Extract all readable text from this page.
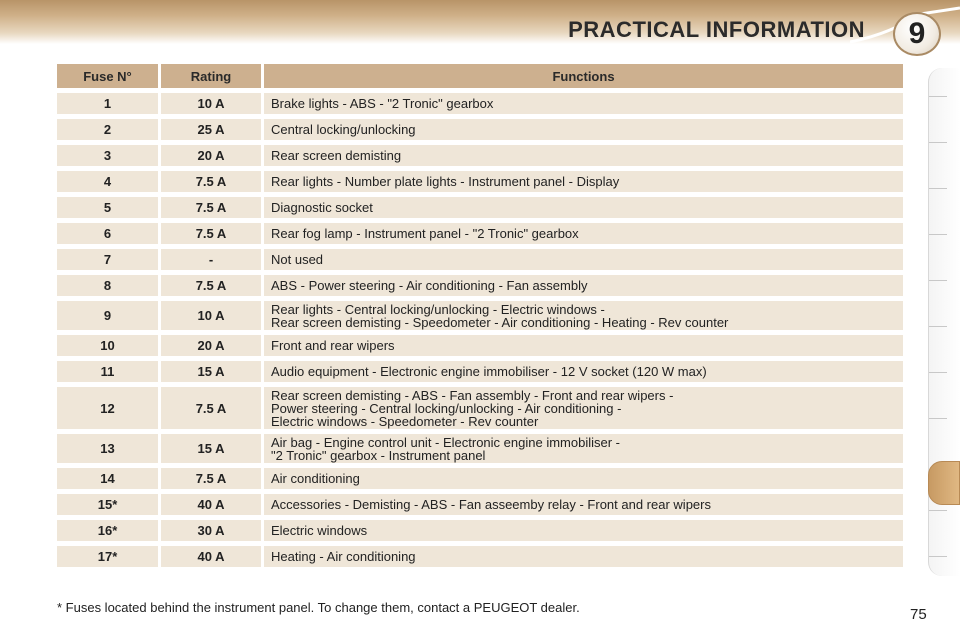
PRACTICAL INFORMATION	9
Fuse N°	Rating	Functions
1	10 A	Brake lights - ABS - "2 Tronic" gearbox

2	25 A	Central locking/unlocking

3	20 A	Rear screen demisting

4	7.5 A	Rear lights - Number plate lights - Instrument panel - Display

5	7.5 A	Diagnostic socket

6	7.5 A	Rear fog lamp - Instrument panel - "2 Tronic" gearbox

7	-	Not used

8	7.5 A	ABS - Power steering - Air conditioning - Fan assembly

9	10 A	Rear lights - Central locking/unlocking - Electric windows -
Rear screen demisting - Speedometer - Air conditioning - Heating - Rev counter

10	20 A	Front and rear wipers

11	15 A	Audio equipment - Electronic engine immobiliser - 12 V socket (120 W max)

12	7.5 A	Rear screen demisting - ABS - Fan assembly - Front and rear wipers -
Power steering - Central locking/unlocking - Air conditioning -
Electric windows - Speedometer - Rev counter

13	15 A	Air bag - Engine control unit - Electronic engine immobiliser -
"2 Tronic" gearbox - Instrument panel

14	7.5 A	Air conditioning

15*	40 A	Accessories - Demisting - ABS - Fan asseemby relay - Front and rear wipers

16*	30 A	Electric windows

17*	40 A	Heating - Air conditioning
* Fuses located behind the instrument panel. To change them, contact a PEUGEOT dealer.	75
